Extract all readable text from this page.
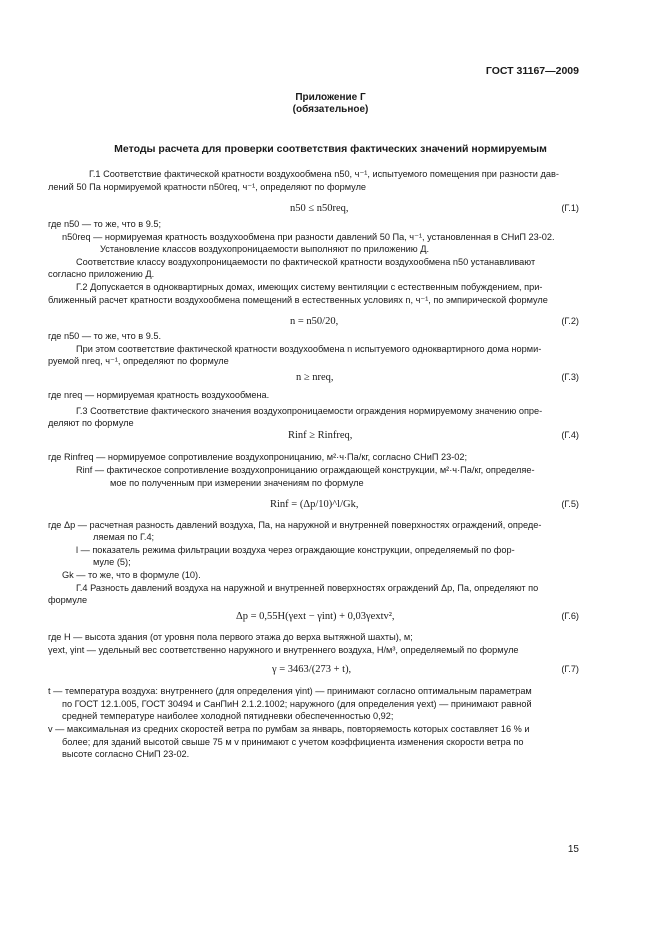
ГОСТ 31167—2009
Приложение Г
(обязательное)
Методы расчета для проверки соответствия фактических значений нормируемым
Г.1 Соответствие фактической кратности воздухообмена n50, ч⁻¹, испытуемого помещения при разности дав-
лений 50 Па нормируемой кратности n50req, ч⁻¹, определяют по формуле
n50 ≤ n50req,	(Г.1)
где n50 — то же, что в 9.5;
n50req — нормируемая кратность воздухообмена при разности давлений 50 Па, ч⁻¹, установленная в СНиП 23-02.
Установление классов воздухопроницаемости выполняют по приложению Д.
Соответствие классу воздухопроницаемости по фактической кратности воздухообмена n50 устанавливают
согласно приложению Д.
Г.2 Допускается в одноквартирных домах, имеющих систему вентиляции с естественным побуждением, при-
ближенный расчет кратности воздухообмена помещений в естественных условиях n, ч⁻¹, по эмпирической формуле
n = n50/20,	(Г.2)
где n50 — то же, что в 9.5.
При этом соответствие фактической кратности воздухообмена n испытуемого одноквартирного дома норми-
руемой nreq, ч⁻¹, определяют по формуле
n ≥ nreq,	(Г.3)
где nreq — нормируемая кратность воздухообмена.
Г.3 Соответствие фактического значения воздухопроницаемости ограждения нормируемому значению опре-
деляют по формуле
Rinf ≥ Rinfreq,	(Г.4)
где Rinfreq — нормируемое сопротивление воздухопроницанию, м²·ч·Па/кг, согласно СНиП 23-02;
Rinf — фактическое сопротивление воздухопроницанию ограждающей конструкции, м²·ч·Па/кг, определяе-
мое по полученным при измерении значениям по формуле
Rinf = (Δp/10)^l/Gk,	(Г.5)
где Δp — расчетная разность давлений воздуха, Па, на наружной и внутренней поверхностях ограждений, опреде-
ляемая по Г.4;
l — показатель режима фильтрации воздуха через ограждающие конструкции, определяемый по фор-
муле (5);
Gk — то же, что в формуле (10).
Г.4 Разность давлений воздуха на наружной и внутренней поверхностях ограждений Δp, Па, определяют по
формуле
Δp = 0,55H(γext − γint) + 0,03γextv²,	(Г.6)
где H — высота здания (от уровня пола первого этажа до верха вытяжной шахты), м;
γext, γint — удельный вес соответственно наружного и внутреннего воздуха, Н/м³, определяемый по формуле
γ = 3463/(273 + t),	(Г.7)
t — температура воздуха: внутреннего (для определения γint) — принимают согласно оптимальным параметрам
по ГОСТ 12.1.005, ГОСТ 30494 и СанПиН 2.1.2.1002; наружного (для определения γext) — принимают равной
средней температуре наиболее холодной пятидневки обеспеченностью 0,92;
v — максимальная из средних скоростей ветра по румбам за январь, повторяемость которых составляет 16 % и
более; для зданий высотой свыше 75 м v принимают с учетом коэффициента изменения скорости ветра по
высоте согласно СНиП 23-02.
15
